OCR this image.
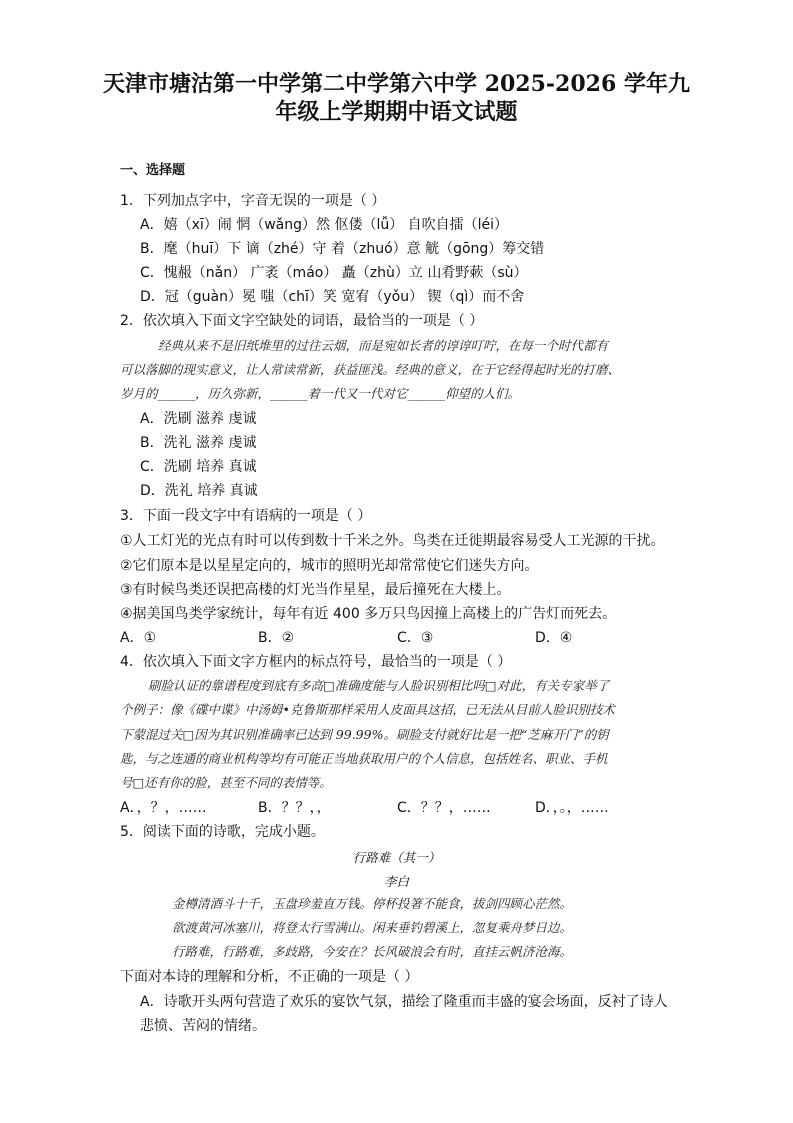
天津市塘沽第一中学第二中学第六中学 2025-2026 学年九
年级上学期期中语文试题
一、选择题
1．下列加点字中，字音无误的一项是（ ）
A．嬉（xī）闹 惘（wǎng）然 伛偻（lǚ） 自吹自擂（léi）
B．麾（huī）下 谪（zhé）守 着（zhuó）意 觥（gōng）筹交错
C．愧赧（nǎn） 广袤（máo） 矗（zhù）立 山肴野蔌（sù）
D．冠（guàn）冕 嗤（chī）笑 宽宥（yǒu） 锲（qì）而不舍
2．依次填入下面文字空缺处的词语，最恰当的一项是（ ）
经典从来不是旧纸堆里的过往云烟，而是宛如长者的谆谆叮咛，在每一个时代都有
可以落脚的现实意义，让人常读常新，获益匪浅。经典的意义，在于它经得起时光的打磨、
岁月的______，历久弥新，______着一代又一代对它______仰望的人们。
A．洗刷 滋养 虔诚
B．洗礼 滋养 虔诚
C．洗刷 培养 真诚
D．洗礼 培养 真诚
3．下面一段文字中有语病的一项是（ ）
①人工灯光的光点有时可以传到数十千米之外。鸟类在迁徙期最容易受人工光源的干扰。
②它们原本是以星星定向的，城市的照明光却常常使它们迷失方向。
③有时候鸟类还误把高楼的灯光当作星星，最后撞死在大楼上。
④据美国鸟类学家统计，每年有近 400 多万只鸟因撞上高楼上的广告灯而死去。
A．①	B．②	C．③	D．④
4．依次填入下面文字方框内的标点符号，最恰当的一项是（ ）
刷脸认证的靠谱程度到底有多高□准确度能与人脸识别相比吗□对此，有关专家举了
个例子：像《碟中谍》中汤姆•克鲁斯那样采用人皮面具这招，已无法从目前人脸识别技术
下蒙混过关□因为其识别准确率已达到 99.99%。刷脸支付就好比是一把“芝麻开门”的钥
匙，与之连通的商业机构等均有可能正当地获取用户的个人信息，包括姓名、职业、手机
号□还有你的脸，甚至不同的表情等。
A．，？，……	B．？？，，	C．？？，……	D．，。，……
5．阅读下面的诗歌，完成小题。
行路难（其一）
李白
金樽清酒斗十千，玉盘珍羞直万钱。停杯投箸不能食，拔剑四顾心茫然。
欲渡黄河冰塞川，将登太行雪满山。闲来垂钓碧溪上，忽复乘舟梦日边。
行路难，行路难，多歧路，今安在？长风破浪会有时，直挂云帆济沧海。
下面对本诗的理解和分析，不正确的一项是（ ）
A．诗歌开头两句营造了欢乐的宴饮气氛，描绘了隆重而丰盛的宴会场面，反衬了诗人
悲愤、苦闷的情绪。
